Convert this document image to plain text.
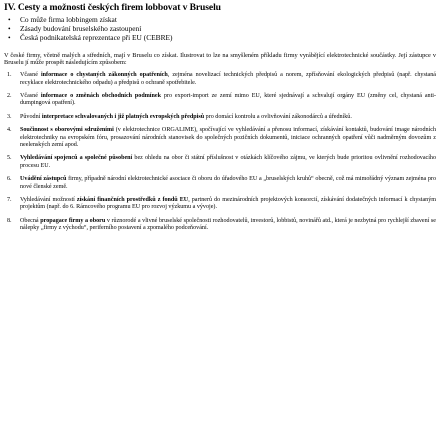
IV. Cesty a možnosti českých firem lobbovat v Bruselu
• Co může firma lobbingem získat
• Zásady budování bruselského zastoupení
• Česká podnikatelská reprezentace při EU (CEBRE)

V české firmy, včetně malých a středních, mají v Bruselu co získat. Ilustrovat to lze na smyšleném příkladu firmy vyrábějící elektrotechnické součástky. Její zástupce v Bruselu jí může prospět následujícím způsobem:

1. Včasné informace o chystaných zákonných opatřeních, zejména novelizací technických předpisů a norem, zpřísňování ekologických předpisů (např. chystaná recyklace elektrotechnického odpadu) a předpisů o ochraně spotřebitele.
2. Včasné informace o změnách obchodních podmínek pro export-import ze zemí mimo EU, které sjednávají a schvalují orgány EU (změny cel, chystaná anti-dumpingová opatření).
3. Původní interpretace schvalovaných i již platných evropských předpisů pro domácí kontrolu a ovlivňování zákonodárců a úředníků.
4. Součinnost s oborovými sdruženími (v elektrotechnice ORGALIME), spočívající ve vyhledávání a přenosu informací, získávání kontaktů, budování image národních elektrotechniky na evropském fóru, prosazování národních stanovisek do společných pozičních dokumentů, iniciace ochranných opatření vůči nadměrným dovozům z neelenských zemí apod.
5. Vyhledávání spojenců a společné působení bez ohledu na obor či státní příslušnost v otázkách klíčového zájmu, ve kterých bude prioritou ovlivnění rozhodovacího procesu EU.
6. Uvádění zástupců firmy, případně národní elektrotechnické asociace či oboru do úřadového EU a „bruselských kruhů“ obecně, což má mimořádný význam zejména pro nové členské země.
7. Vyhledávání možností získání finančních prostředků z fondů EU, partnerů do mezinárodních projektových konsorcií, získávání dodatečných informací k chystaným projektům (např. do 6. Rámcového programu EU pro rozvoj výzkumu a vývoje).
8. Obecná propagace firmy a oboru v různorodé a vlivné bruselské společnosti rozhodovatelů, investorů, lobbistů, novinářů atd., která je nezbytná pro rychlejší zbavení se nálepky „firmy z východu“, periferního postavení a zpomalého podceňování.
